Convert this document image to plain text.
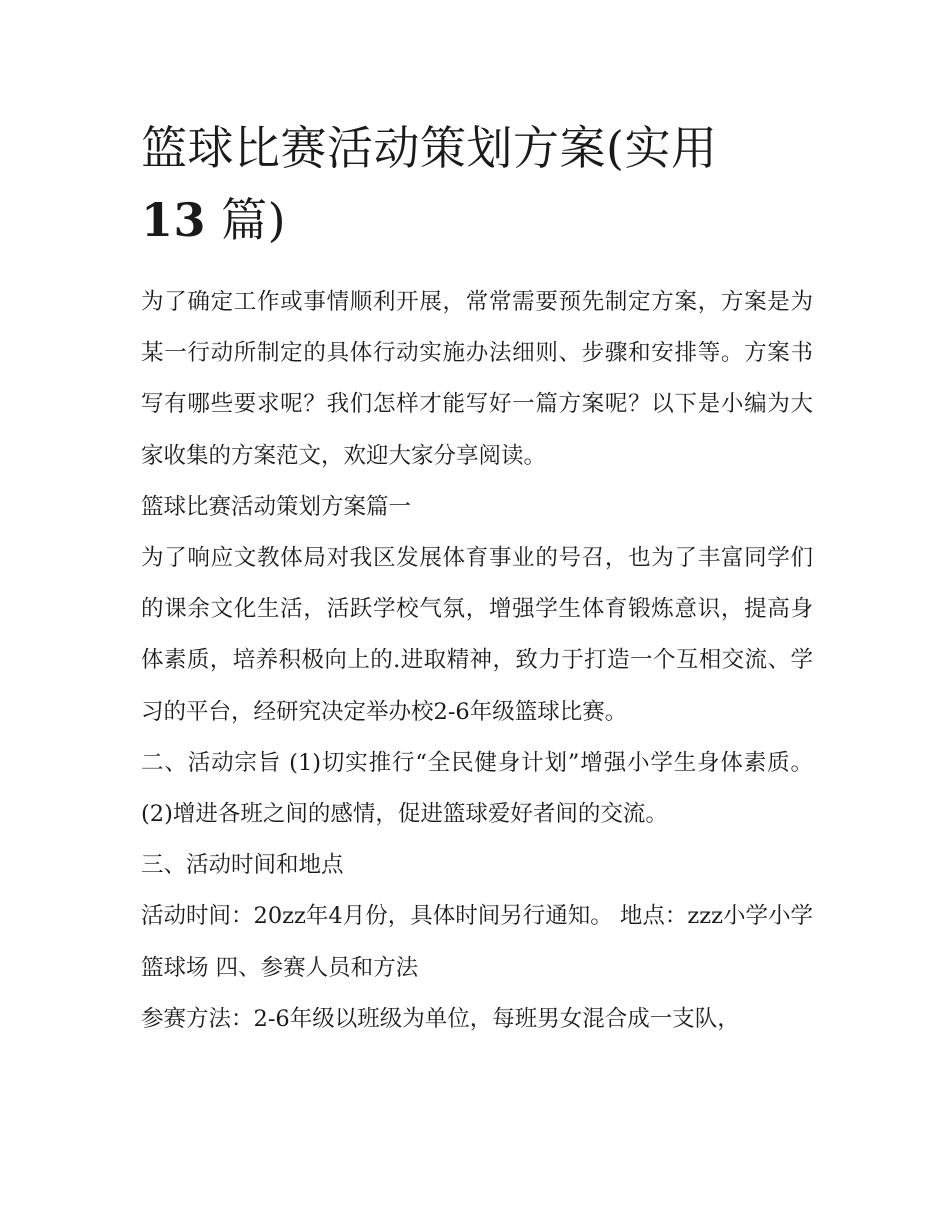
篮球比赛活动策划方案(实用
13 篇)

为了确定工作或事情顺利开展，常常需要预先制定方案，方案是为某一行动所制定的具体行动实施办法细则、步骤和安排等。方案书写有哪些要求呢？我们怎样才能写好一篇方案呢？以下是小编为大家收集的方案范文，欢迎大家分享阅读。

篮球比赛活动策划方案篇一

为了响应文教体局对我区发展体育事业的号召，也为了丰富同学们的课余文化生活，活跃学校气氛，增强学生体育锻炼意识，提高身体素质，培养积极向上的.进取精神，致力于打造一个互相交流、学习的平台，经研究决定举办校2-6年级篮球比赛。

二、活动宗旨 (1)切实推行“全民健身计划”增强小学生身体素质。 (2)增进各班之间的感情，促进篮球爱好者间的交流。

三、活动时间和地点

活动时间：20zz年4月份，具体时间另行通知。 地点：zzz小学小学篮球场 四、参赛人员和方法

参赛方法：2-6年级以班级为单位，每班男女混合成一支队，
